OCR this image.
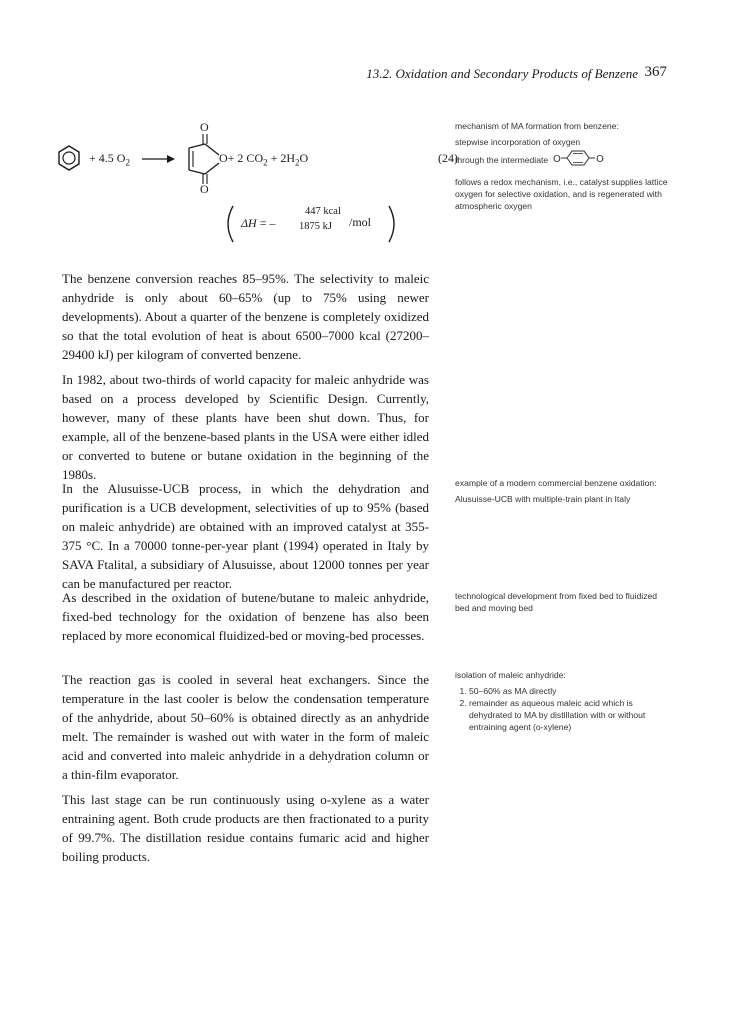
13.2. Oxidation and Secondary Products of Benzene 367
+ 4.5 $O_2$
O
O
O+ 2 $CO_2 + 2H_2O$	(24)
ΔH = –
447 kcal
1875 kJ /mol

The benzene conversion reaches 85–95%. The selectivity to maleic anhydride is only about 60–65% (up to 75% using newer developments). About a quarter of the benzene is completely oxidized so that the total evolution of heat is about 6500–7000 kcal (27200–29400 kJ) per kilogram of converted benzene.

In 1982, about two-thirds of world capacity for maleic anhydride was based on a process developed by Scientific Design. Currently, however, many of these plants have been shut down. Thus, for example, all of the benzene-based plants in the USA were either idled or converted to butene or butane oxidation in the beginning of the 1980s.

In the Alusuisse-UCB process, in which the dehydration and purification is a UCB development, selectivities of up to 95% (based on maleic anhydride) are obtained with an improved catalyst at 355-375 °C. In a 70000 tonne-per-year plant (1994) operated in Italy by SAVA Ftalital, a subsidiary of Alusuisse, about 12000 tonnes per year can be manufactured per reactor.

As described in the oxidation of butene/butane to maleic anhydride, fixed-bed technology for the oxidation of benzene has also been replaced by more economical fluidized-bed or moving-bed processes.

The reaction gas is cooled in several heat exchangers. Since the temperature in the last cooler is below the condensation temperature of the anhydride, about 50–60% is obtained directly as an anhydride melt. The remainder is washed out with water in the form of maleic acid and converted into maleic anhydride in a dehydration column or a thin-film evaporator.

This last stage can be run continuously using o-xylene as a water entraining agent. Both crude products are then fractionated to a purity of 99.7%. The distillation residue contains fumaric acid and higher boiling products.

mechanism of MA formation from benzene:

stepwise incorporation of oxygen

through the intermediate O	O

follows a redox mechanism, i.e., catalyst supplies lattice oxygen for selective oxidation, and is regenerated with atmospheric oxygen

example of a modern commercial benzene oxidation:

Alusuisse-UCB with multiple-train plant in Italy

technological development from fixed bed to fluidized bed and moving bed

isolation of maleic anhydride:

1. 50–60% as MA directly
2. remainder as aqueous maleic acid which is dehydrated to MA by distillation with or without entraining agent (o-xylene)
